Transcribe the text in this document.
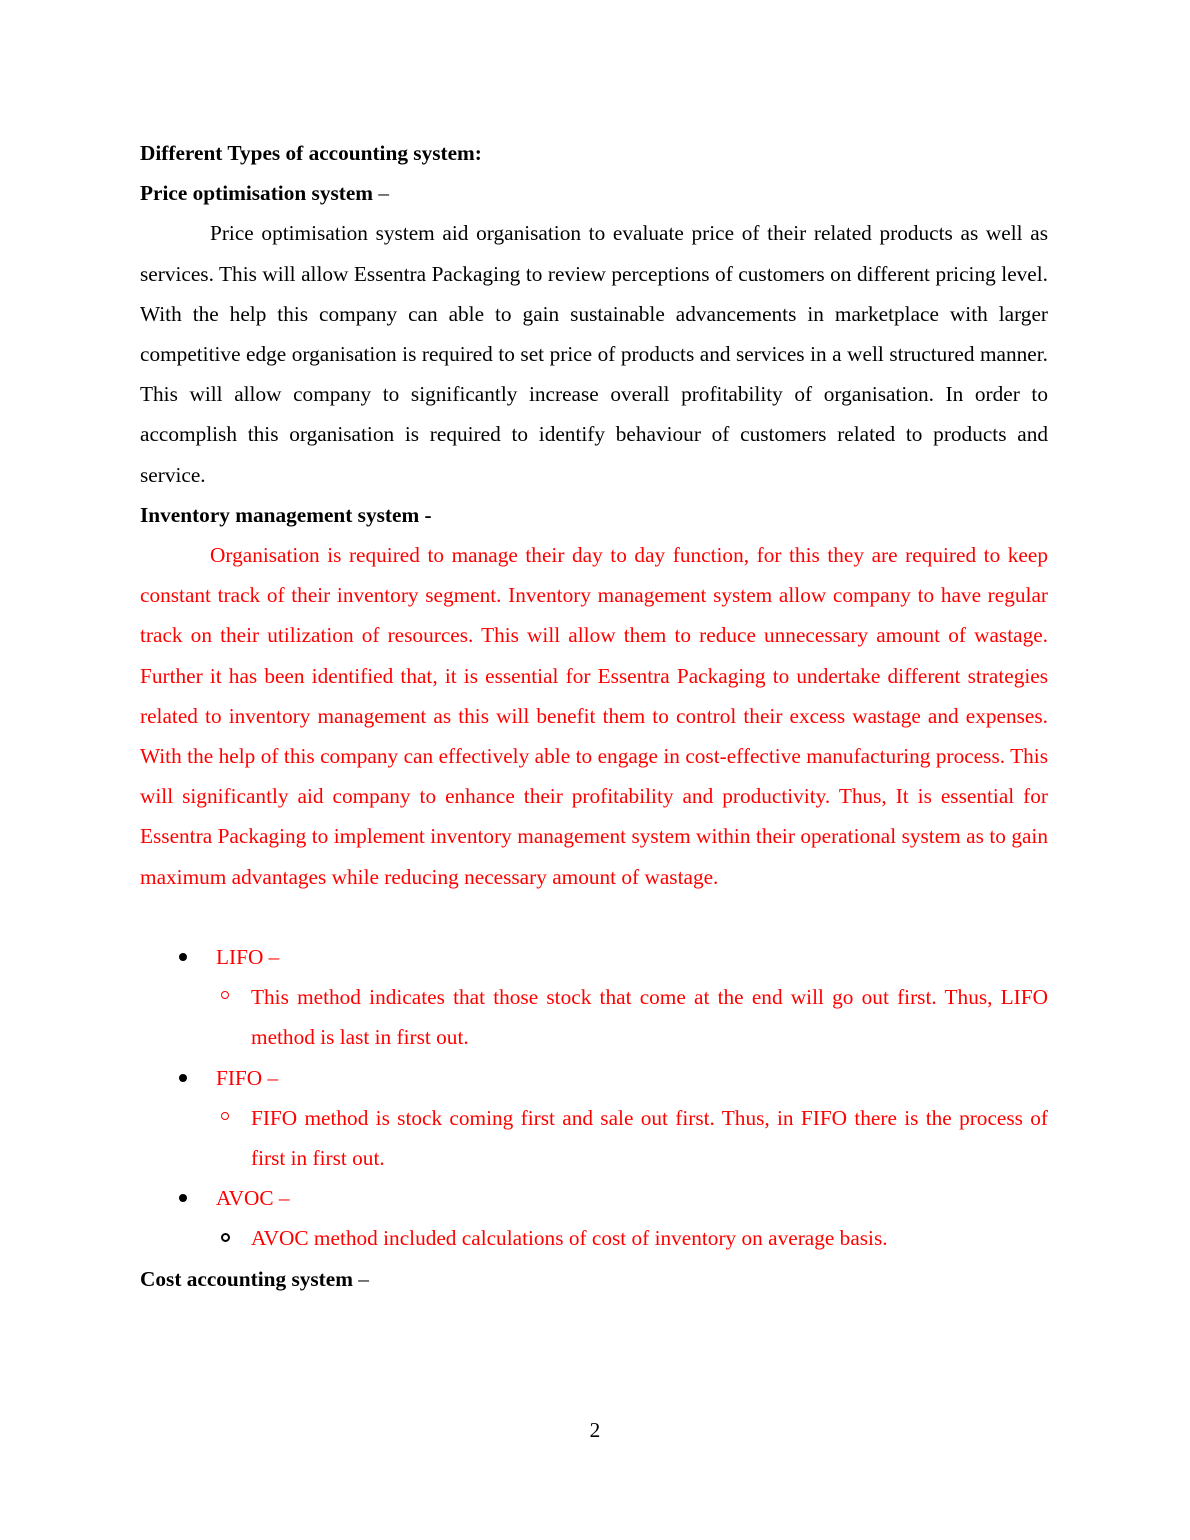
Different Types of accounting system:

Price optimisation system –

Price optimisation system aid organisation to evaluate price of their related products as well as services. This will allow Essentra Packaging to review perceptions of customers on different pricing level. With the help this company can able to gain sustainable advancements in marketplace with larger competitive edge organisation is required to set price of products and services in a well structured manner. This will allow company to significantly increase overall profitability of organisation. In order to accomplish this organisation is required to identify behaviour of customers related to products and service.

Inventory management system -

Organisation is required to manage their day to day function, for this they are required to keep constant track of their inventory segment. Inventory management system allow company to have regular track on their utilization of resources. This will allow them to reduce unnecessary amount of wastage. Further it has been identified that, it is essential for Essentra Packaging to undertake different strategies related to inventory management as this will benefit them to control their excess wastage and expenses. With the help of this company can effectively able to engage in cost-effective manufacturing process. This will significantly aid company to enhance their profitability and productivity. Thus, It is essential for Essentra Packaging to implement inventory management system within their operational system as to gain maximum advantages while reducing necessary amount of wastage.

LIFO –

This method indicates that those stock that come at the end will go out first. Thus, LIFO method is last in first out.

FIFO –

FIFO method is stock coming first and sale out first. Thus, in FIFO there is the process of first in first out.

AVOC –

AVOC method included calculations of cost of inventory on average basis.

Cost accounting system –

2
